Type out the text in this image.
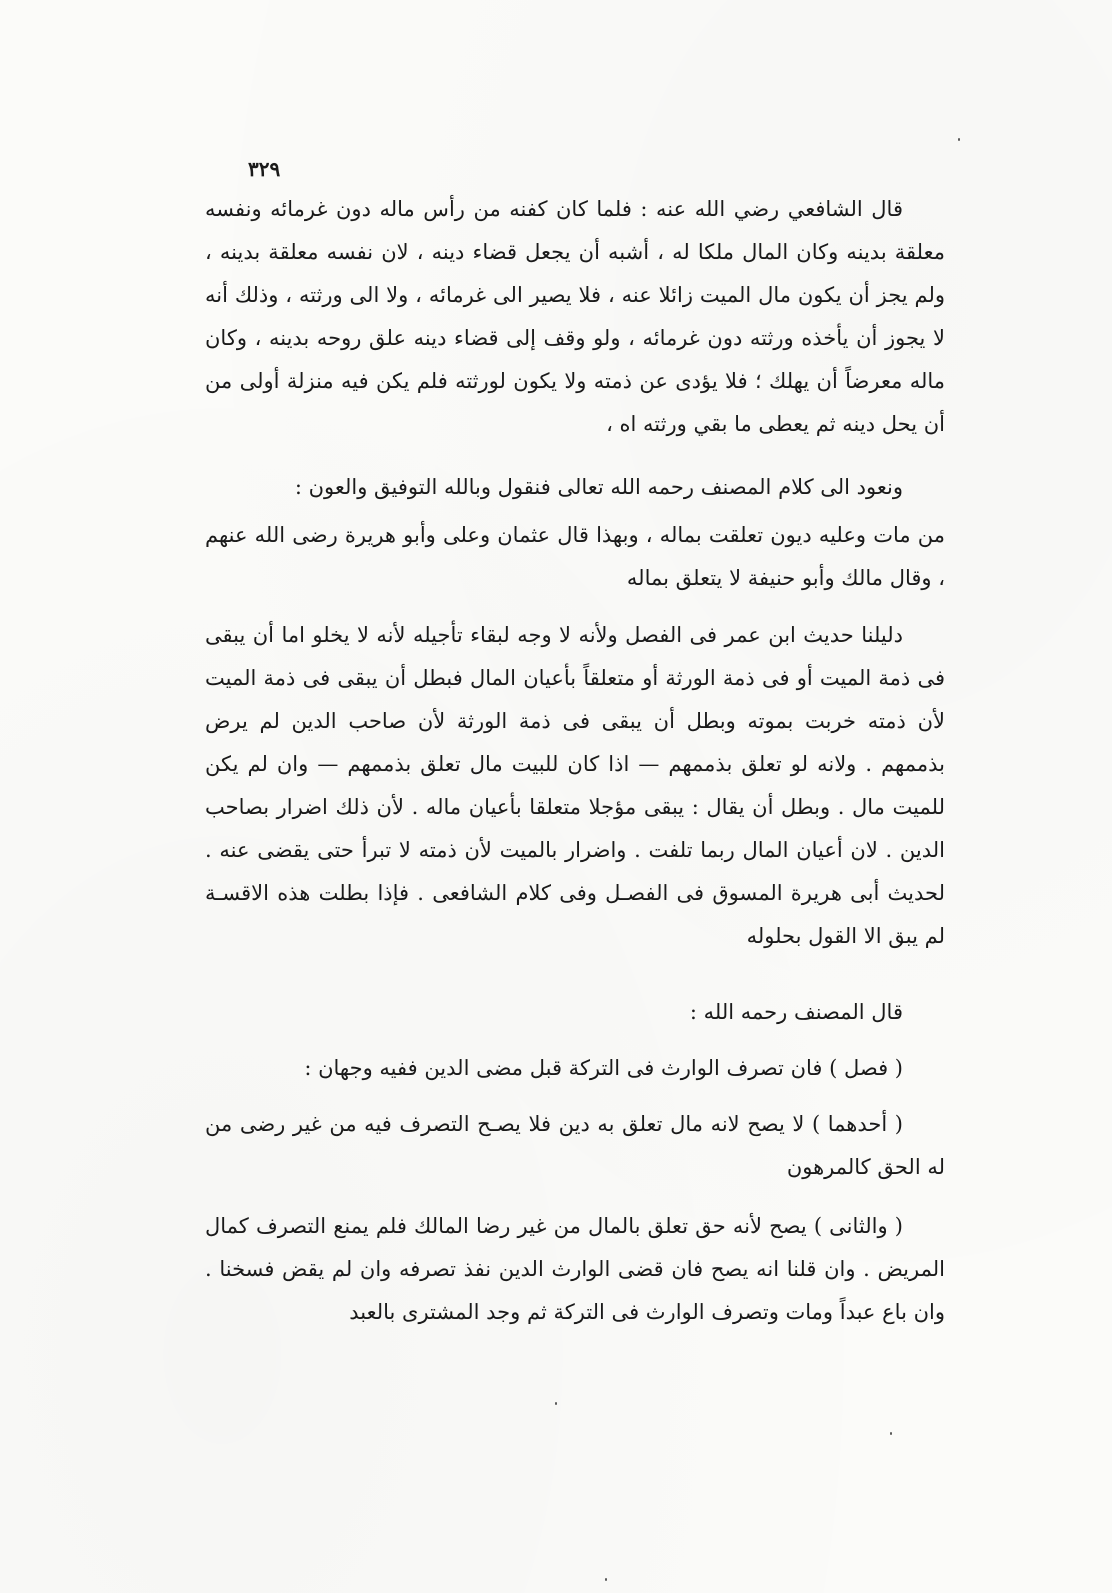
٣٢٩

قال الشافعي رضي الله عنه : فلما كان كفنه من رأس ماله دون غرمائه ونفسه معلقة بدينه وكان المال ملكا له ، أشبه أن يجعل قضاء دينه ، لان نفسه معلقة بدينه ، ولم يجز أن يكون مال الميت زائلا عنه ، فلا يصير الى غرمائه ، ولا الى ورثته ، وذلك أنه لا يجوز أن يأخذه ورثته دون غرمائه ، ولو وقف إلى قضاء دينه علق روحه بدينه ، وكان ماله معرضاً أن يهلك ؛ فلا يؤدى عن ذمته ولا يكون لورثته فلم يكن فيه منزلة أولى من أن يحل دينه ثم يعطى ما بقي ورثته اه ،

ونعود الى كلام المصنف رحمه الله تعالى فنقول وبالله التوفيق والعون :

من مات وعليه ديون تعلقت بماله ، وبهذا قال عثمان وعلى وأبو هريرة رضى الله عنهم ، وقال مالك وأبو حنيفة لا يتعلق بماله

دليلنا حديث ابن عمر فى الفصل ولأنه لا وجه لبقاء تأجيله لأنه لا يخلو اما أن يبقى فى ذمة الميت أو فى ذمة الورثة أو متعلقاً بأعيان المال فبطل أن يبقى فى ذمة الميت لأن ذمته خربت بموته وبطل أن يبقى فى ذمة الورثة لأن صاحب الدين لم يرض بذممهم . ولانه لو تعلق بذممهم — اذا كان للبيت مال تعلق بذممهم — وان لم يكن للميت مال . وبطل أن يقال : يبقى مؤجلا متعلقا بأعيان ماله . لأن ذلك اضرار بصاحب الدين . لان أعيان المال ربما تلفت . واضرار بالميت لأن ذمته لا تبرأ حتى يقضى عنه . لحديث أبى هريرة المسوق فى الفصـل وفى كلام الشافعى . فإذا بطلت هذه الاقسـة لم يبق الا القول بحلوله

قال المصنف رحمه الله :

( فصل ) فان تصرف الوارث فى التركة قبل مضى الدين ففيه وجهان :

( أحدهما ) لا يصح لانه مال تعلق به دين فلا يصـح التصرف فيه من غير رضى من له الحق كالمرهون

( والثانى ) يصح لأنه حق تعلق بالمال من غير رضا المالك فلم يمنع التصرف كمال المريض . وان قلنا انه يصح فان قضى الوارث الدين نفذ تصرفه وان لم يقض فسخنا . وان باع عبداً ومات وتصرف الوارث فى التركة ثم وجد المشترى بالعبد
